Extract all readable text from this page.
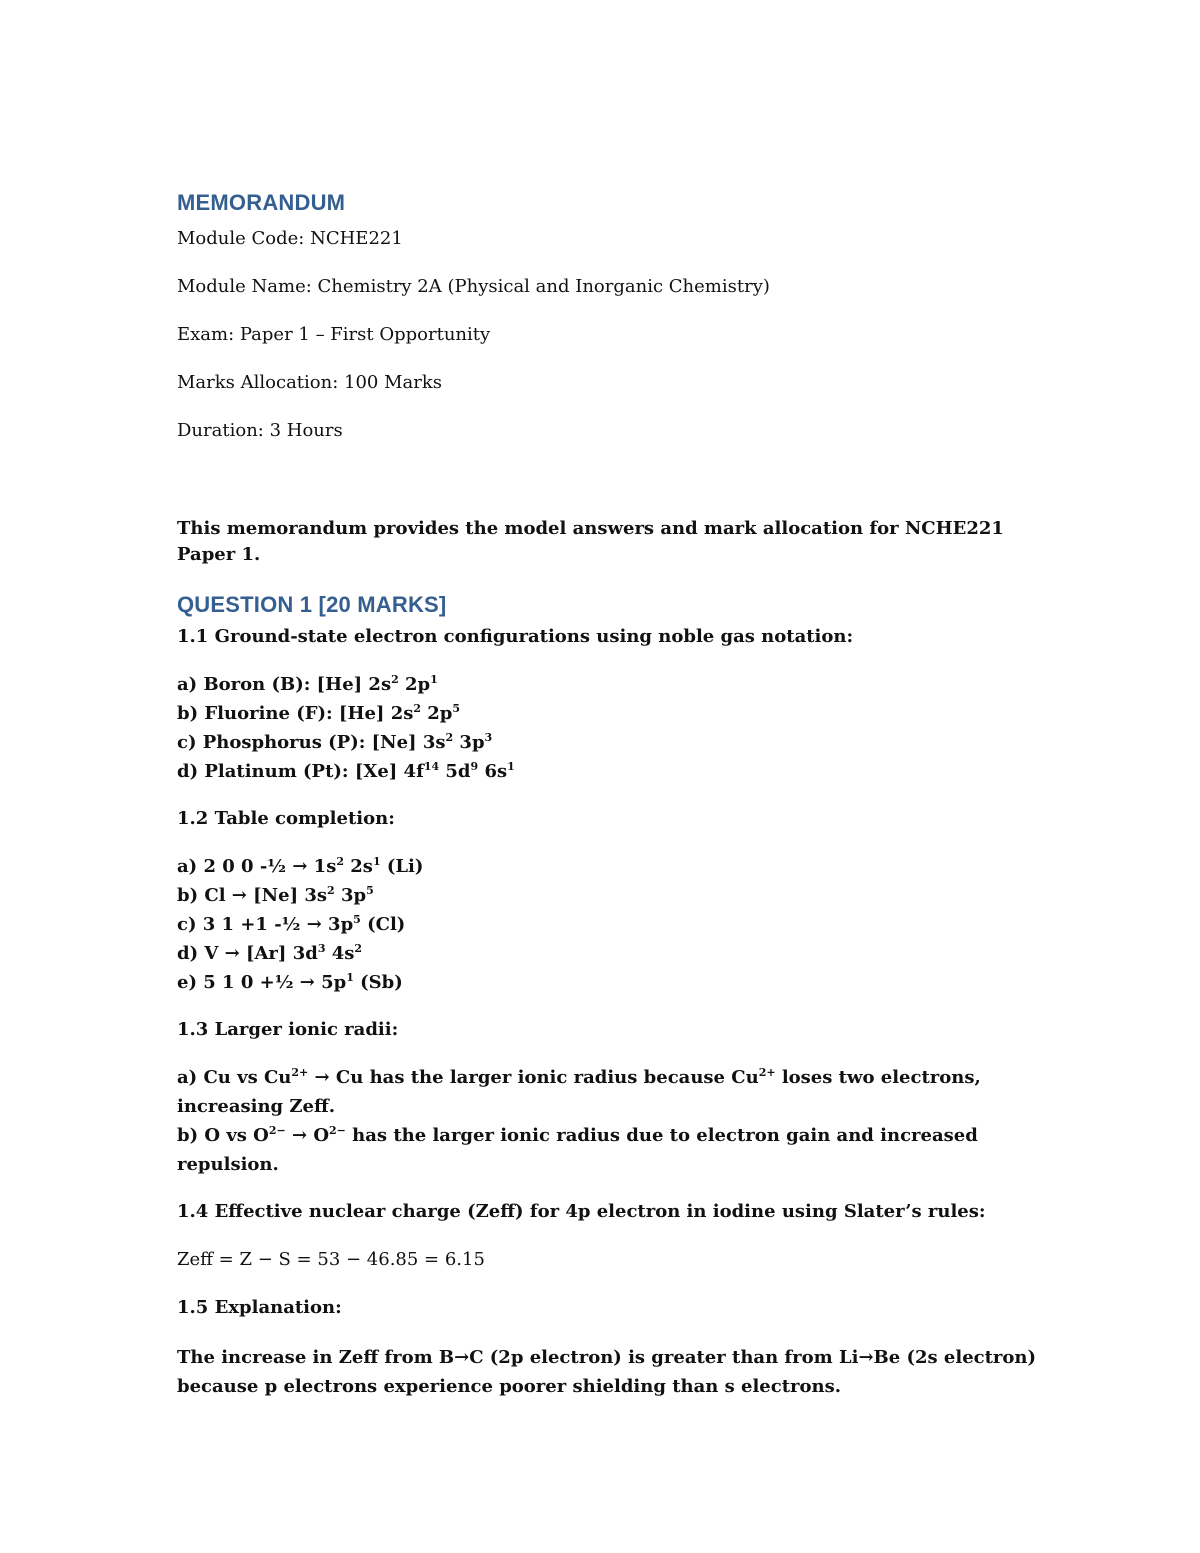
MEMORANDUM

Module Code: NCHE221

Module Name: Chemistry 2A (Physical and Inorganic Chemistry)

Exam: Paper 1 – First Opportunity

Marks Allocation: 100 Marks

Duration: 3 Hours

This memorandum provides the model answers and mark allocation for NCHE221 Paper 1.

QUESTION 1 [20 MARKS]

1.1 Ground-state electron configurations using noble gas notation:

a) Boron (B): [He] $2s^2$ $2p^1$

b) Fluorine (F): [He] $2s^2$ $2p^5$

c) Phosphorus (P): [Ne] $3s^2$ $3p^3$

d) Platinum (Pt): [Xe] $4f^{14}$ $5d^9$ $6s^1$

1.2 Table completion:

a) 2 0 0 -½ → $1s^2$ $2s^1$ (Li)

b) Cl → [Ne] $3s^2$ $3p^5$

c) 3 1 +1 -½ → $3p^5$ (Cl)

d) V → [Ar] $3d^3$ $4s^2$

e) 5 1 0 +½ → $5p^1$ (Sb)

1.3 Larger ionic radii:

a) Cu vs $Cu^{2+} \to Cu$ has the larger ionic radius because $Cu^{2+}$ loses two electrons, increasing Zeff.

b) O vs $O^{2-} \to O^{2-}$ has the larger ionic radius due to electron gain and increased repulsion.

1.4 Effective nuclear charge (Zeff) for 4p electron in iodine using Slater’s rules:

Zeff = Z − S = 53 − 46.85 = 6.15

1.5 Explanation:

The increase in Zeff from B→C (2p electron) is greater than from Li→Be (2s electron) because p electrons experience poorer shielding than s electrons.
